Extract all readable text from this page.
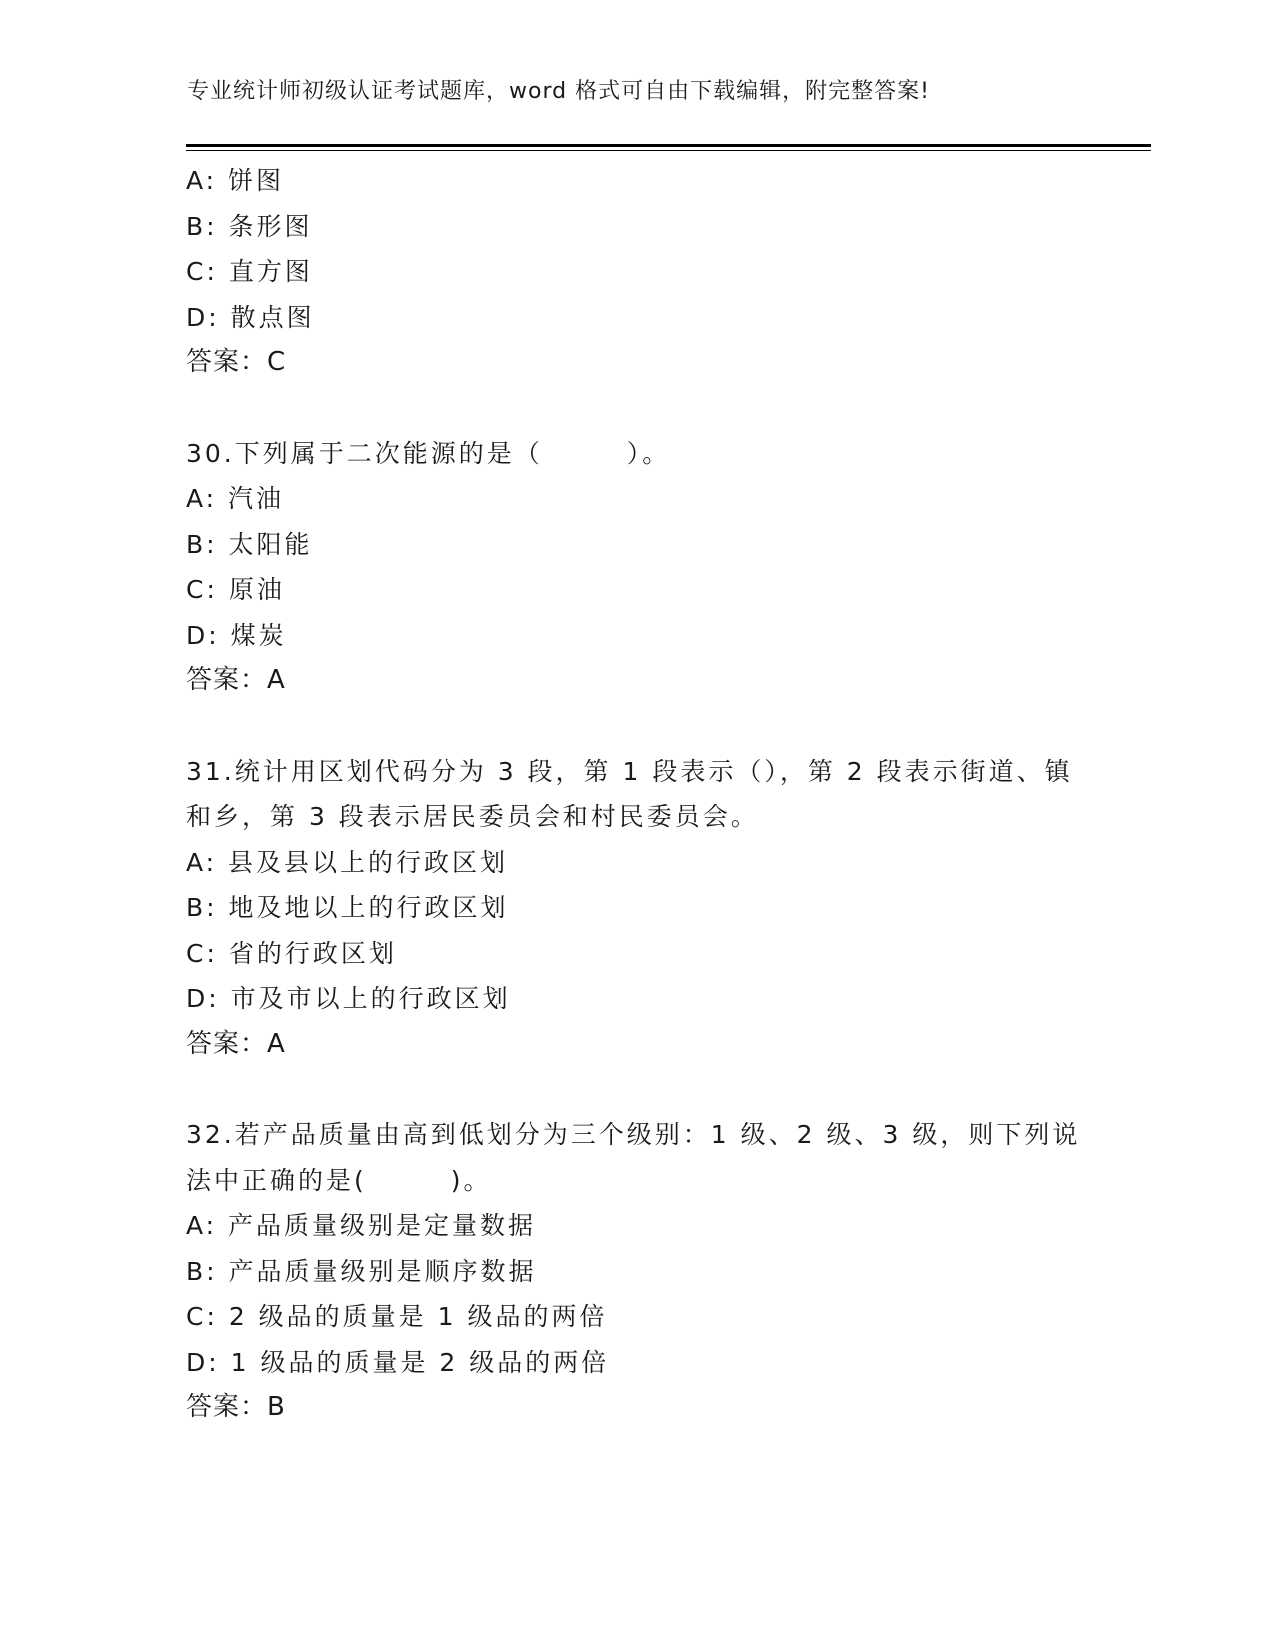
专业统计师初级认证考试题库，word 格式可自由下载编辑，附完整答案!
A: 饼图
B: 条形图
C: 直方图
D: 散点图
答案：C
30.下列属于二次能源的是（　　　）。
A: 汽油
B: 太阳能
C: 原油
D: 煤炭
答案：A
31.统计用区划代码分为 3 段，第 1 段表示（），第 2 段表示街道、镇
和乡，第 3 段表示居民委员会和村民委员会。
A: 县及县以上的行政区划
B: 地及地以上的行政区划
C: 省的行政区划
D: 市及市以上的行政区划
答案：A
32.若产品质量由高到低划分为三个级别：1 级、2 级、3 级，则下列说
法中正确的是(　　　)。
A: 产品质量级别是定量数据
B: 产品质量级别是顺序数据
C: 2 级品的质量是 1 级品的两倍
D: 1 级品的质量是 2 级品的两倍
答案：B
